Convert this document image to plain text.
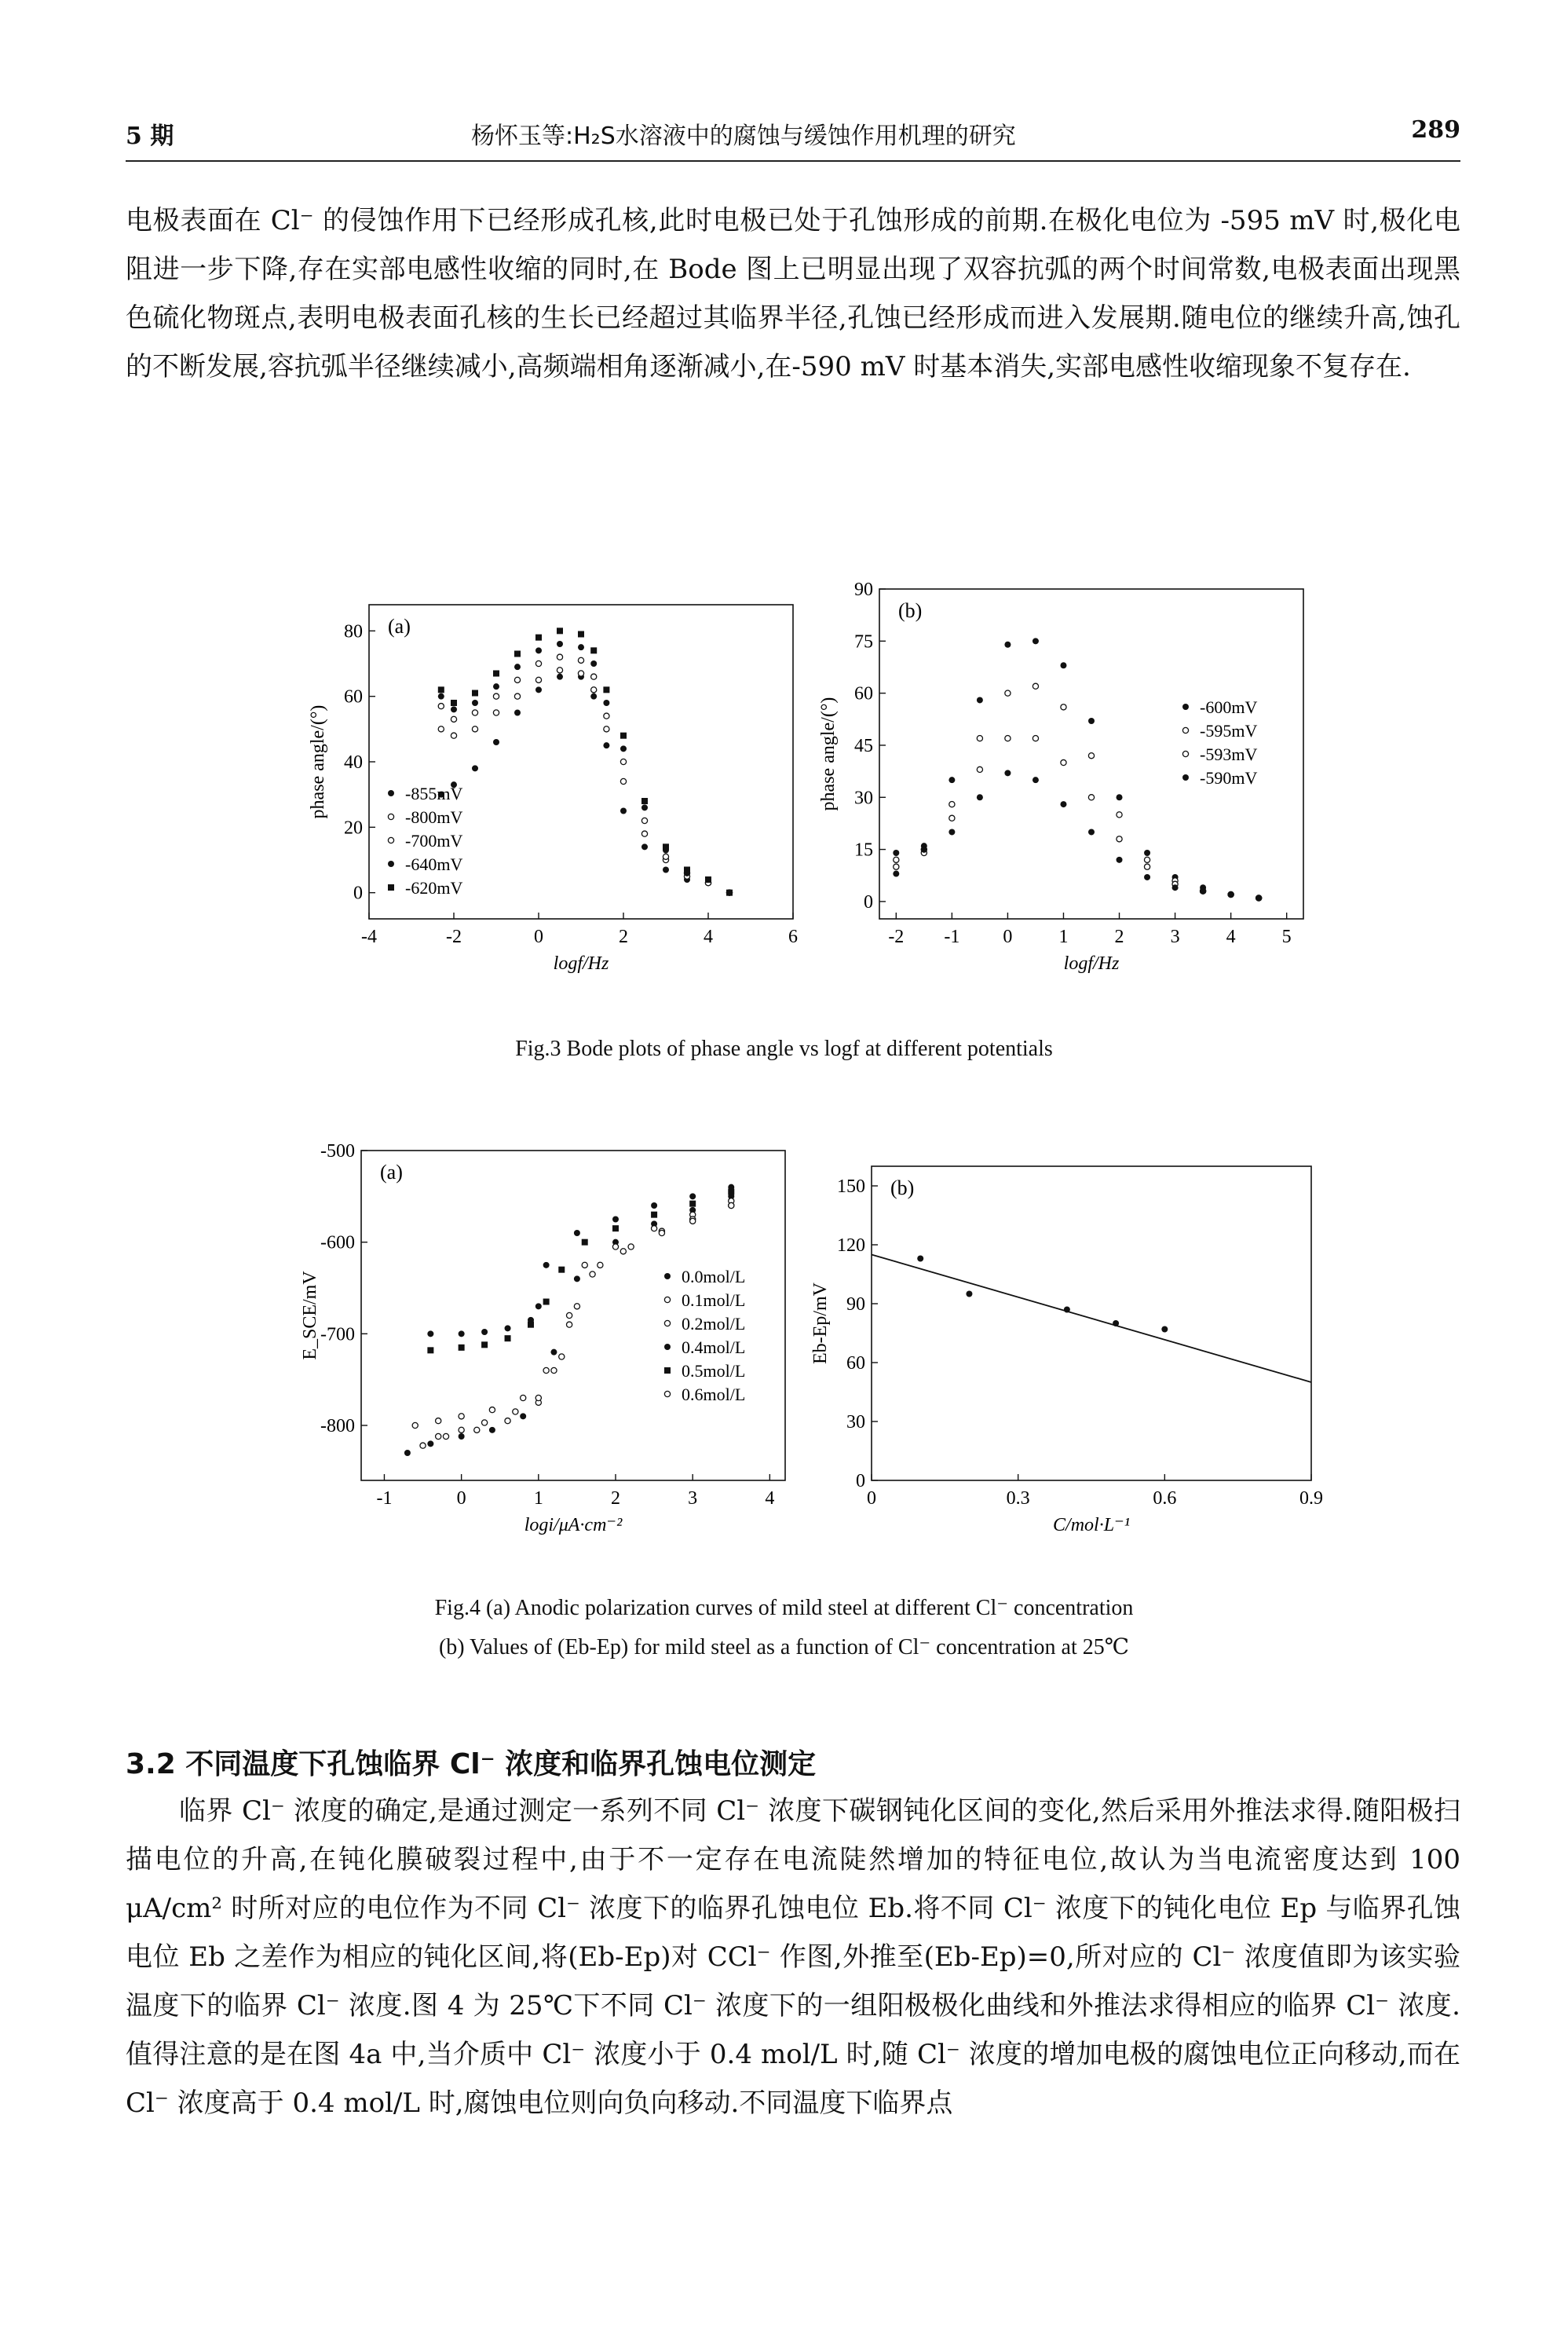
5 期	杨怀玉等:H₂S水溶液中的腐蚀与缓蚀作用机理的研究	289
电极表面在 Cl⁻ 的侵蚀作用下已经形成孔核,此时电极已处于孔蚀形成的前期.在极化电位为 -595 mV 时,极化电阻进一步下降,存在实部电感性收缩的同时,在 Bode 图上已明显出现了双容抗弧的两个时间常数,电极表面出现黑色硫化物斑点,表明电极表面孔核的生长已经超过其临界半径,孔蚀已经形成而进入发展期.随电位的继续升高,蚀孔的不断发展,容抗弧半径继续减小,高频端相角逐渐减小,在-590 mV 时基本消失,实部电感性收缩现象不复存在.
-4	-2	0	2	4	6
0
20
40
60
80
logf/Hz
phase angle/(°)
(a)
-855mV
-800mV
-700mV
-640mV
-620mV
-2 -1 0 1 2 3 4 5
0
15
30
45
60
75
90
logf/Hz
phase angle/(°)
(b)
-600mV
-595mV
-593mV
-590mV
Fig.3 Bode plots of phase angle vs logf at different potentials
-1	0	1	2	3	4
-500
-600
-700
-800
logi/μA·cm⁻²
E_SCE/mV
(a)
0.0mol/L
0.1mol/L
0.2mol/L
0.4mol/L
0.5mol/L
0.6mol/L
0	0.3	0.6	0.9
0
30
60
90
120
150
C/mol·L⁻¹
Eb-Ep/mV
(b)
Fig.4 (a) Anodic polarization curves of mild steel at different Cl⁻ concentration
(b) Values of (Eb-Ep) for mild steel as a function of Cl⁻ concentration at 25℃
3.2 不同温度下孔蚀临界 Cl⁻ 浓度和临界孔蚀电位测定
临界 Cl⁻ 浓度的确定,是通过测定一系列不同 Cl⁻ 浓度下碳钢钝化区间的变化,然后采用外推法求得.随阳极扫描电位的升高,在钝化膜破裂过程中,由于不一定存在电流陡然增加的特征电位,故认为当电流密度达到 100 μA/cm² 时所对应的电位作为不同 Cl⁻ 浓度下的临界孔蚀电位 Eb.将不同 Cl⁻ 浓度下的钝化电位 Ep 与临界孔蚀电位 Eb 之差作为相应的钝化区间,将(Eb-Ep)对 CCl⁻ 作图,外推至(Eb-Ep)=0,所对应的 Cl⁻ 浓度值即为该实验温度下的临界 Cl⁻ 浓度.图 4 为 25℃下不同 Cl⁻ 浓度下的一组阳极极化曲线和外推法求得相应的临界 Cl⁻ 浓度.值得注意的是在图 4a 中,当介质中 Cl⁻ 浓度小于 0.4 mol/L 时,随 Cl⁻ 浓度的增加电极的腐蚀电位正向移动,而在 Cl⁻ 浓度高于 0.4 mol/L 时,腐蚀电位则向负向移动.不同温度下临界点
